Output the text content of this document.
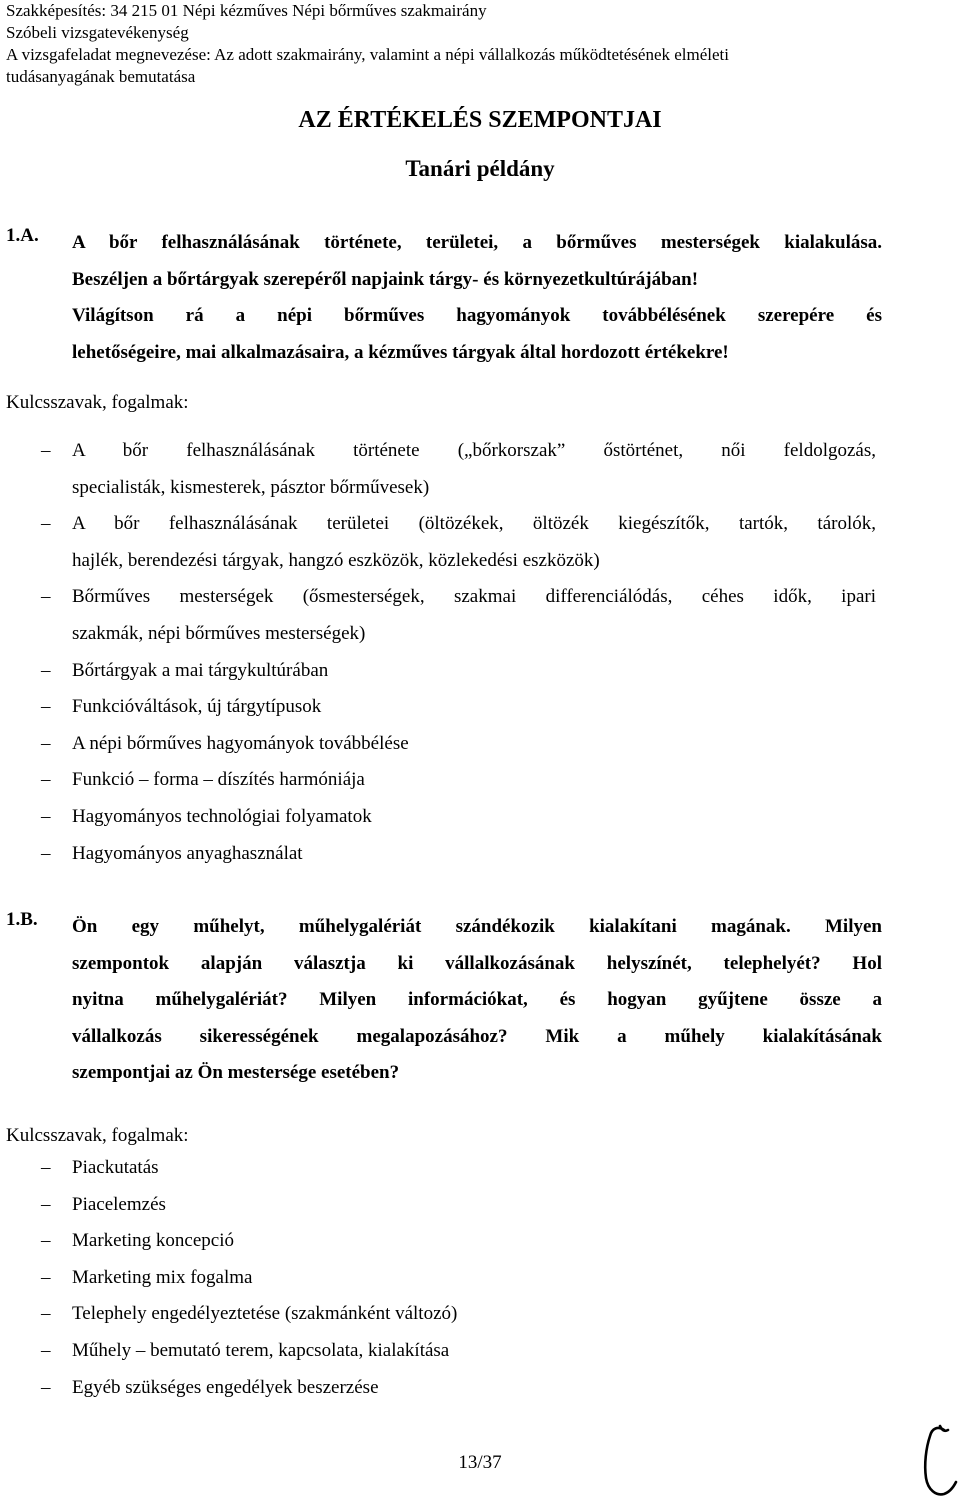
Szakképesítés: 34 215 01 Népi kézműves Népi bőrműves szakmairány
Szóbeli vizsgatevékenység
A vizsgafeladat megnevezése: Az adott szakmairány, valamint a népi vállalkozás működtetésének elméleti
tudásanyagának bemutatása
AZ ÉRTÉKELÉS SZEMPONTJAI
Tanári példány
1.A. A bőr felhasználásának története, területei, a bőrműves mesterségek kialakulása.
Beszéljen a bőrtárgyak szerepéről napjaink tárgy- és környezetkultúrájában!
Világítson rá a népi bőrműves hagyományok továbbélésének szerepére és
lehetőségeire, mai alkalmazásaira, a kézműves tárgyak által hordozott értékekre!
Kulcsszavak, fogalmak:
– A bőr felhasználásának története („bőrkorszak” őstörténet, női feldolgozás,
specialisták, kismesterek, pásztor bőrművesek)
– A bőr felhasználásának területei (öltözékek, öltözék kiegészítők, tartók, tárolók,
hajlék, berendezési tárgyak, hangzó eszközök, közlekedési eszközök)
– Bőrműves mesterségek (ősmesterségek, szakmai differenciálódás, céhes idők, ipari
szakmák, népi bőrműves mesterségek)
– Bőrtárgyak a mai tárgykultúrában
– Funkcióváltások, új tárgytípusok
– A népi bőrműves hagyományok továbbélése
– Funkció – forma – díszítés harmóniája
– Hagyományos technológiai folyamatok
– Hagyományos anyaghasználat
1.B. Ön egy műhelyt, műhelygalériát szándékozik kialakítani magának. Milyen
szempontok alapján választja ki vállalkozásának helyszínét, telephelyét? Hol
nyitna műhelygalériát? Milyen információkat, és hogyan gyűjtene össze a
vállalkozás sikerességének megalapozásához? Mik a műhely kialakításának
szempontjai az Ön mestersége esetében?
Kulcsszavak, fogalmak:
– Piackutatás
– Piacelemzés
– Marketing koncepció
– Marketing mix fogalma
– Telephely engedélyeztetése (szakmánként változó)
– Műhely – bemutató terem, kapcsolata, kialakítása
– Egyéb szükséges engedélyek beszerzése
13/37
